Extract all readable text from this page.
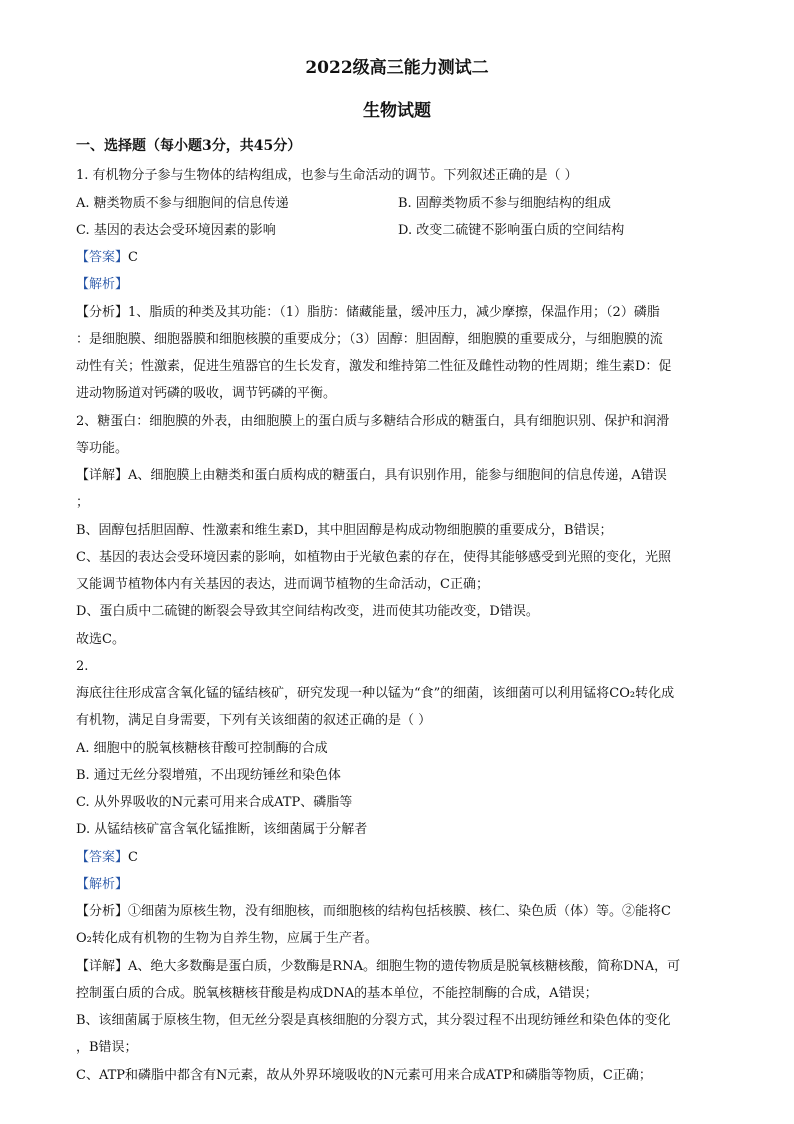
2022级高三能力测试二
生物试题
一、选择题（每小题3分，共45分）
1. 有机物分子参与生物体的结构组成，也参与生命活动的调节。下列叙述正确的是（ ）
A. 糖类物质不参与细胞间的信息传递	B. 固醇类物质不参与细胞结构的组成
C. 基因的表达会受环境因素的影响	D. 改变二硫键不影响蛋白质的空间结构
【答案】C
【解析】
【分析】1、脂质的种类及其功能：（1）脂肪：储藏能量，缓冲压力，减少摩擦，保温作用；（2）磷脂
：是细胞膜、细胞器膜和细胞核膜的重要成分；（3）固醇：胆固醇，细胞膜的重要成分，与细胞膜的流
动性有关；性激素，促进生殖器官的生长发育，激发和维持第二性征及雌性动物的性周期；维生素D：促
进动物肠道对钙磷的吸收，调节钙磷的平衡。
2、糖蛋白：细胞膜的外表，由细胞膜上的蛋白质与多糖结合形成的糖蛋白，具有细胞识别、保护和润滑
等功能。
【详解】A、细胞膜上由糖类和蛋白质构成的糖蛋白，具有识别作用，能参与细胞间的信息传递，A错误
；
B、固醇包括胆固醇、性激素和维生素D，其中胆固醇是构成动物细胞膜的重要成分，B错误；
C、基因的表达会受环境因素的影响，如植物由于光敏色素的存在，使得其能够感受到光照的变化，光照
又能调节植物体内有关基因的表达，进而调节植物的生命活动，C正确；
D、蛋白质中二硫键的断裂会导致其空间结构改变，进而使其功能改变，D错误。
故选C。
2.
海底往往形成富含氧化锰的锰结核矿，研究发现一种以锰为“食”的细菌，该细菌可以利用锰将CO₂转化成
有机物，满足自身需要，下列有关该细菌的叙述正确的是（ ）
A. 细胞中的脱氧核糖核苷酸可控制酶的合成
B. 通过无丝分裂增殖，不出现纺锤丝和染色体
C. 从外界吸收的N元素可用来合成ATP、磷脂等
D. 从锰结核矿富含氧化锰推断，该细菌属于分解者
【答案】C
【解析】
【分析】①细菌为原核生物，没有细胞核，而细胞核的结构包括核膜、核仁、染色质（体）等。②能将C
O₂转化成有机物的生物为自养生物，应属于生产者。
【详解】A、绝大多数酶是蛋白质，少数酶是RNA。细胞生物的遗传物质是脱氧核糖核酸，简称DNA，可
控制蛋白质的合成。脱氧核糖核苷酸是构成DNA的基本单位，不能控制酶的合成，A错误；
B、该细菌属于原核生物，但无丝分裂是真核细胞的分裂方式，其分裂过程不出现纺锤丝和染色体的变化
，B错误；
C、ATP和磷脂中都含有N元素，故从外界环境吸收的N元素可用来合成ATP和磷脂等物质，C正确；
